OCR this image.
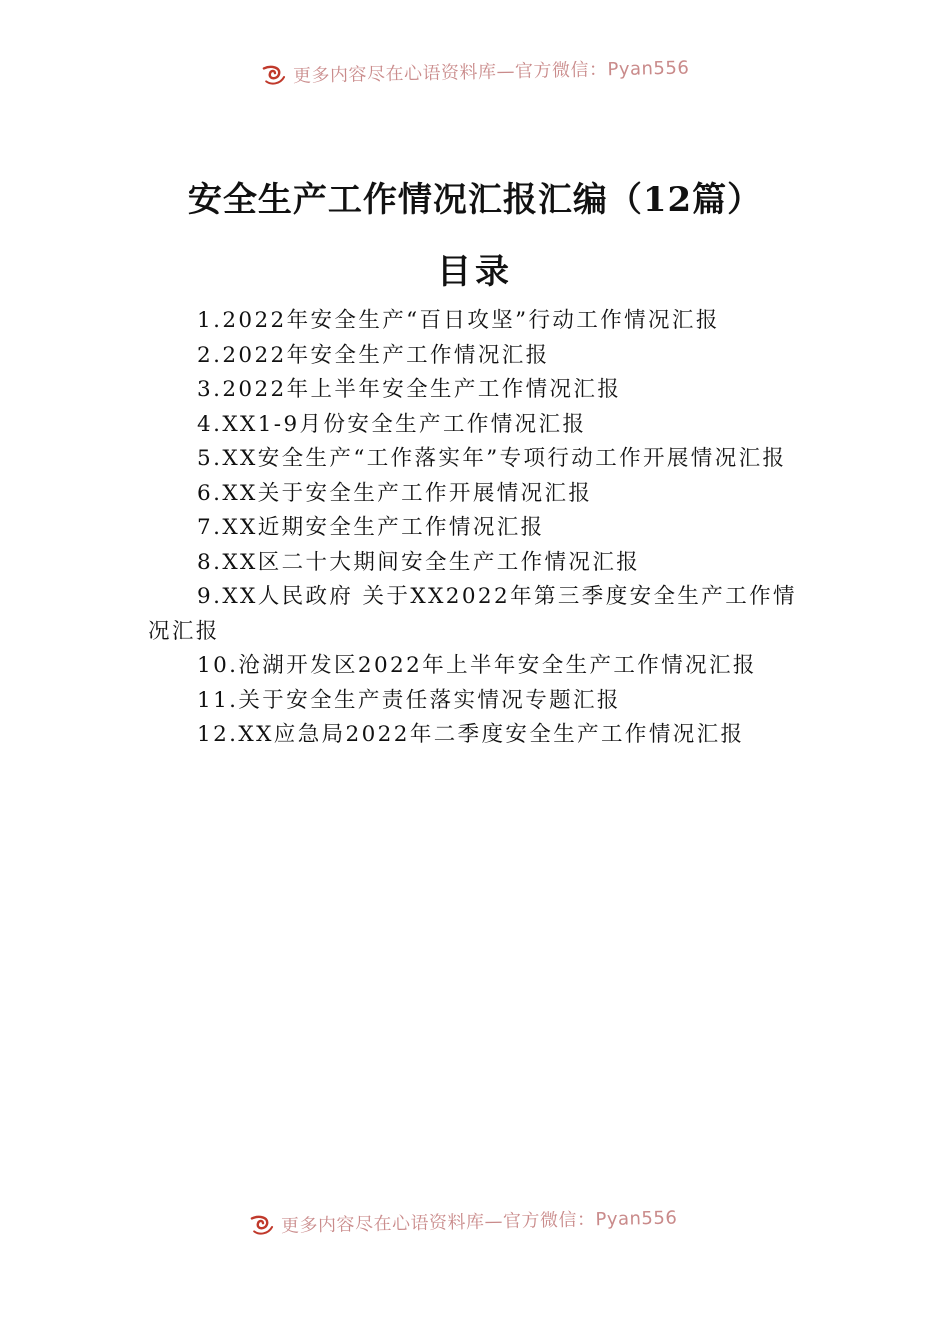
更多内容尽在心语资料库—官方微信：Pyan556
安全生产工作情况汇报汇编（12篇）
目录
1.2022年安全生产“百日攻坚”行动工作情况汇报
2.2022年安全生产工作情况汇报
3.2022年上半年安全生产工作情况汇报
4.XX1-9月份安全生产工作情况汇报
5.XX安全生产“工作落实年”专项行动工作开展情况汇报
6.XX关于安全生产工作开展情况汇报
7.XX近期安全生产工作情况汇报
8.XX区二十大期间安全生产工作情况汇报
9.XX人民政府 关于XX2022年第三季度安全生产工作情况汇报
10.沧湖开发区2022年上半年安全生产工作情况汇报
11.关于安全生产责任落实情况专题汇报
12.XX应急局2022年二季度安全生产工作情况汇报
更多内容尽在心语资料库—官方微信：Pyan556
